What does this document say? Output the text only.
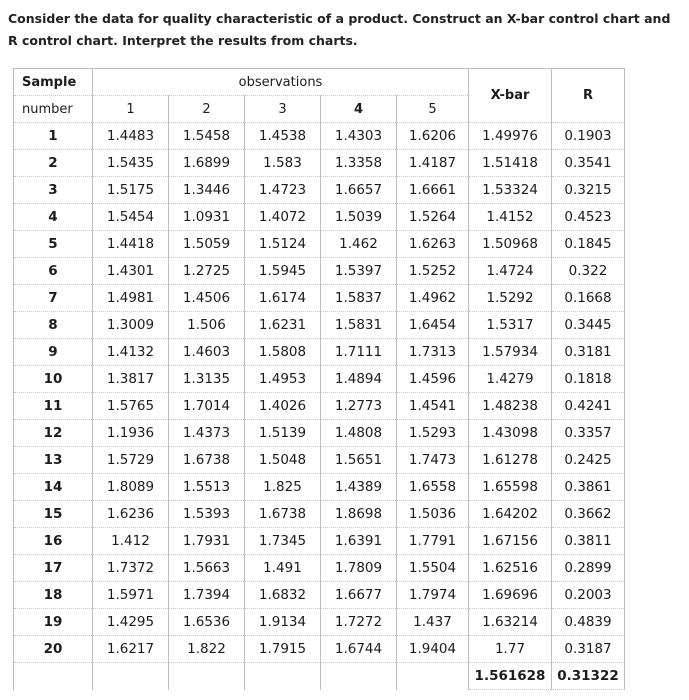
Consider the data for quality characteristic of a product. Construct an X-bar control chart and R control chart. Interpret the results from charts.
Sample	observations					X-bar	R
number	1	2	3	4	5		
1	1.4483	1.5458	1.4538	1.4303	1.6206	1.49976	0.1903
2	1.5435	1.6899	1.583	1.3358	1.4187	1.51418	0.3541
3	1.5175	1.3446	1.4723	1.6657	1.6661	1.53324	0.3215
4	1.5454	1.0931	1.4072	1.5039	1.5264	1.4152	0.4523
5	1.4418	1.5059	1.5124	1.462	1.6263	1.50968	0.1845
6	1.4301	1.2725	1.5945	1.5397	1.5252	1.4724	0.322
7	1.4981	1.4506	1.6174	1.5837	1.4962	1.5292	0.1668
8	1.3009	1.506	1.6231	1.5831	1.6454	1.5317	0.3445
9	1.4132	1.4603	1.5808	1.7111	1.7313	1.57934	0.3181
10	1.3817	1.3135	1.4953	1.4894	1.4596	1.4279	0.1818
11	1.5765	1.7014	1.4026	1.2773	1.4541	1.48238	0.4241
12	1.1936	1.4373	1.5139	1.4808	1.5293	1.43098	0.3357
13	1.5729	1.6738	1.5048	1.5651	1.7473	1.61278	0.2425
14	1.8089	1.5513	1.825	1.4389	1.6558	1.65598	0.3861
15	1.6236	1.5393	1.6738	1.8698	1.5036	1.64202	0.3662
16	1.412	1.7931	1.7345	1.6391	1.7791	1.67156	0.3811
17	1.7372	1.5663	1.491	1.7809	1.5504	1.62516	0.2899
18	1.5971	1.7394	1.6832	1.6677	1.7974	1.69696	0.2003
19	1.4295	1.6536	1.9134	1.7272	1.437	1.63214	0.4839
20	1.6217	1.822	1.7915	1.6744	1.9404	1.77	0.3187
						1.561628	0.31322
